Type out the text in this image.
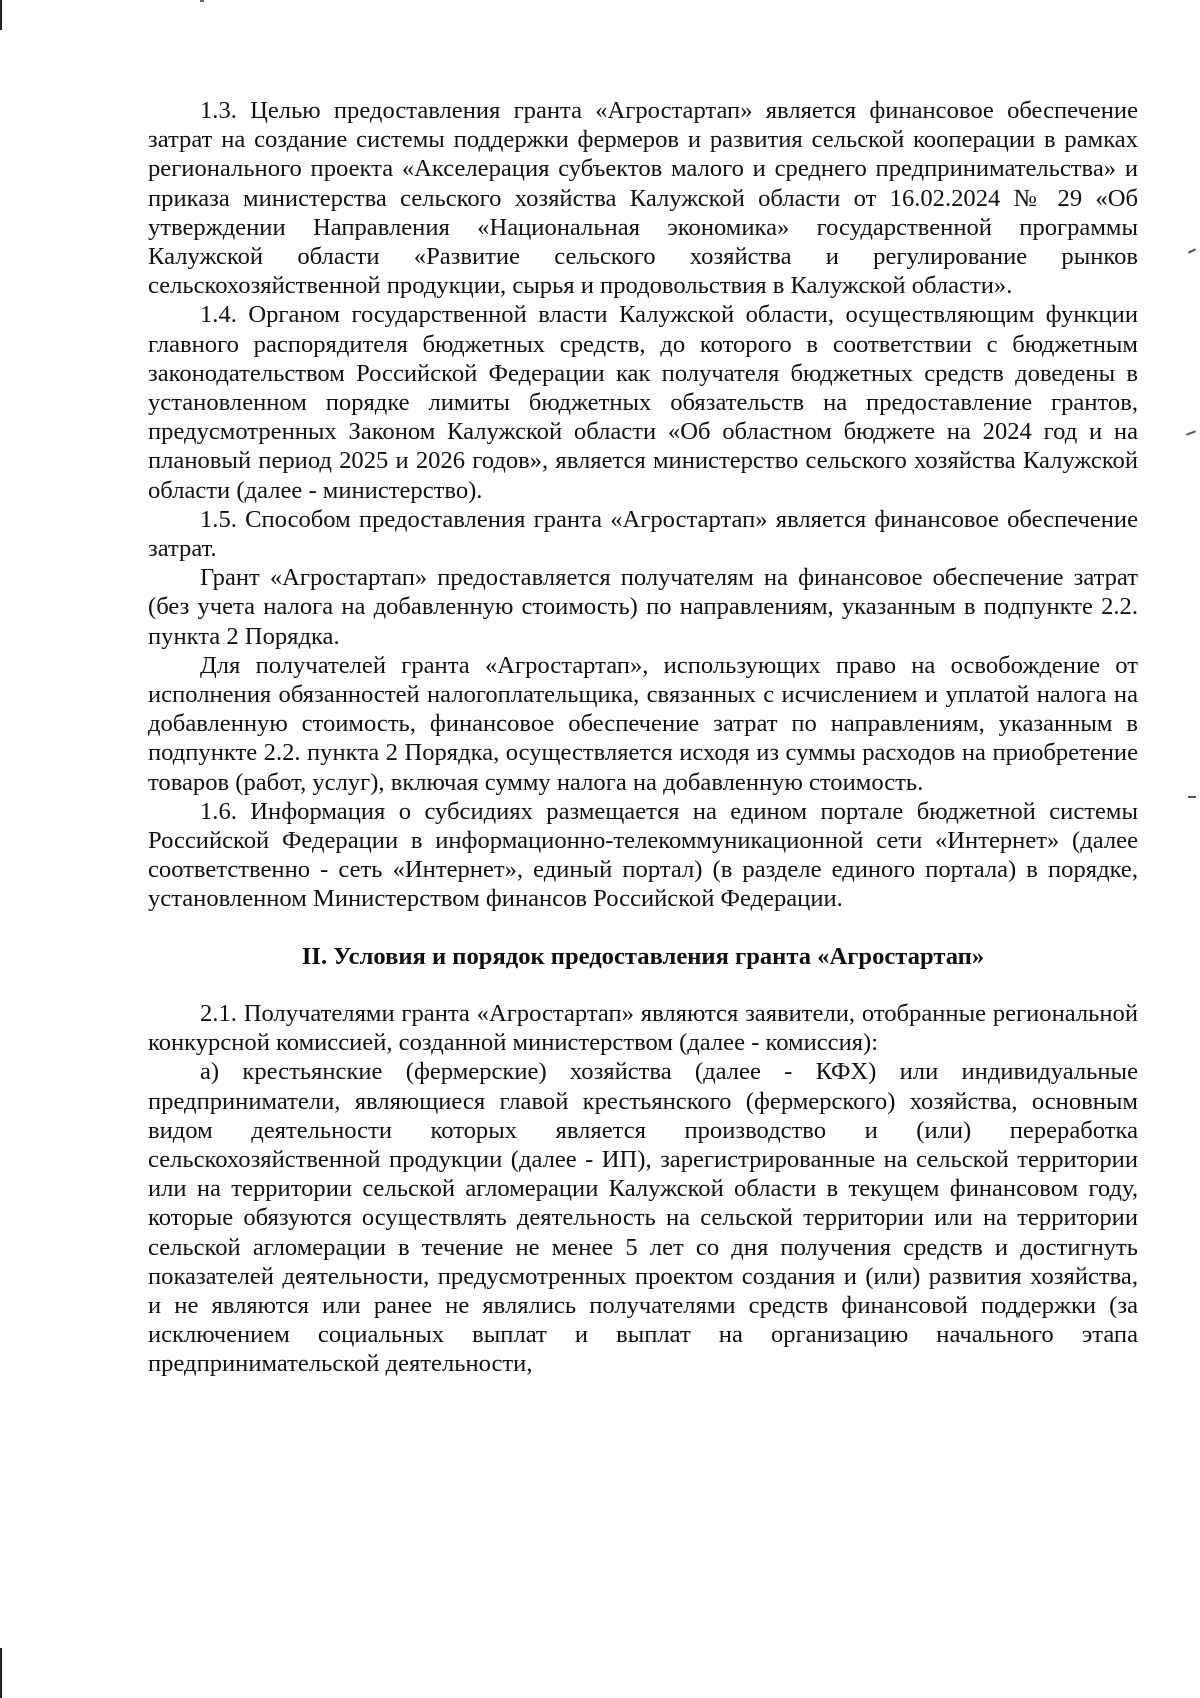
1.3. Целью предоставления гранта «Агростартап» является финансовое обеспечение затрат на создание системы поддержки фермеров и развития сельской кооперации в рамках регионального проекта «Акселерация субъектов малого и среднего предпринимательства» и приказа министерства сельского хозяйства Калужской области от 16.02.2024 № 29 «Об утверждении Направления «Национальная экономика» государственной программы Калужской области «Развитие сельского хозяйства и регулирование рынков сельскохозяйственной продукции, сырья и продовольствия в Калужской области».

1.4. Органом государственной власти Калужской области, осуществляющим функции главного распорядителя бюджетных средств, до которого в соответствии с бюджетным законодательством Российской Федерации как получателя бюджетных средств доведены в установленном порядке лимиты бюджетных обязательств на предоставление грантов, предусмотренных Законом Калужской области «Об областном бюджете на 2024 год и на плановый период 2025 и 2026 годов», является министерство сельского хозяйства Калужской области (далее - министерство).

1.5. Способом предоставления гранта «Агростартап» является финансовое обеспечение затрат.

Грант «Агростартап» предоставляется получателям на финансовое обеспечение затрат (без учета налога на добавленную стоимость) по направлениям, указанным в подпункте 2.2. пункта 2 Порядка.

Для получателей гранта «Агростартап», использующих право на освобождение от исполнения обязанностей налогоплательщика, связанных с исчислением и уплатой налога на добавленную стоимость, финансовое обеспечение затрат по направлениям, указанным в подпункте 2.2. пункта 2 Порядка, осуществляется исходя из суммы расходов на приобретение товаров (работ, услуг), включая сумму налога на добавленную стоимость.

1.6. Информация о субсидиях размещается на едином портале бюджетной системы Российской Федерации в информационно-телекоммуникационной сети «Интернет» (далее соответственно - сеть «Интернет», единый портал) (в разделе единого портала) в порядке, установленном Министерством финансов Российской Федерации.

II. Условия и порядок предоставления гранта «Агростартап»

2.1. Получателями гранта «Агростартап» являются заявители, отобранные региональной конкурсной комиссией, созданной министерством (далее - комиссия):

а) крестьянские (фермерские) хозяйства (далее - КФХ) или индивидуальные предприниматели, являющиеся главой крестьянского (фермерского) хозяйства, основным видом деятельности которых является производство и (или) переработка сельскохозяйственной продукции (далее - ИП), зарегистрированные на сельской территории или на территории сельской агломерации Калужской области в текущем финансовом году, которые обязуются осуществлять деятельность на сельской территории или на территории сельской агломерации в течение не менее 5 лет со дня получения средств и достигнуть показателей деятельности, предусмотренных проектом создания и (или) развития хозяйства, и не являются или ранее не являлись получателями средств финансовой поддержки (за исключением социальных выплат и выплат на организацию начального этапа предпринимательской деятельности,
